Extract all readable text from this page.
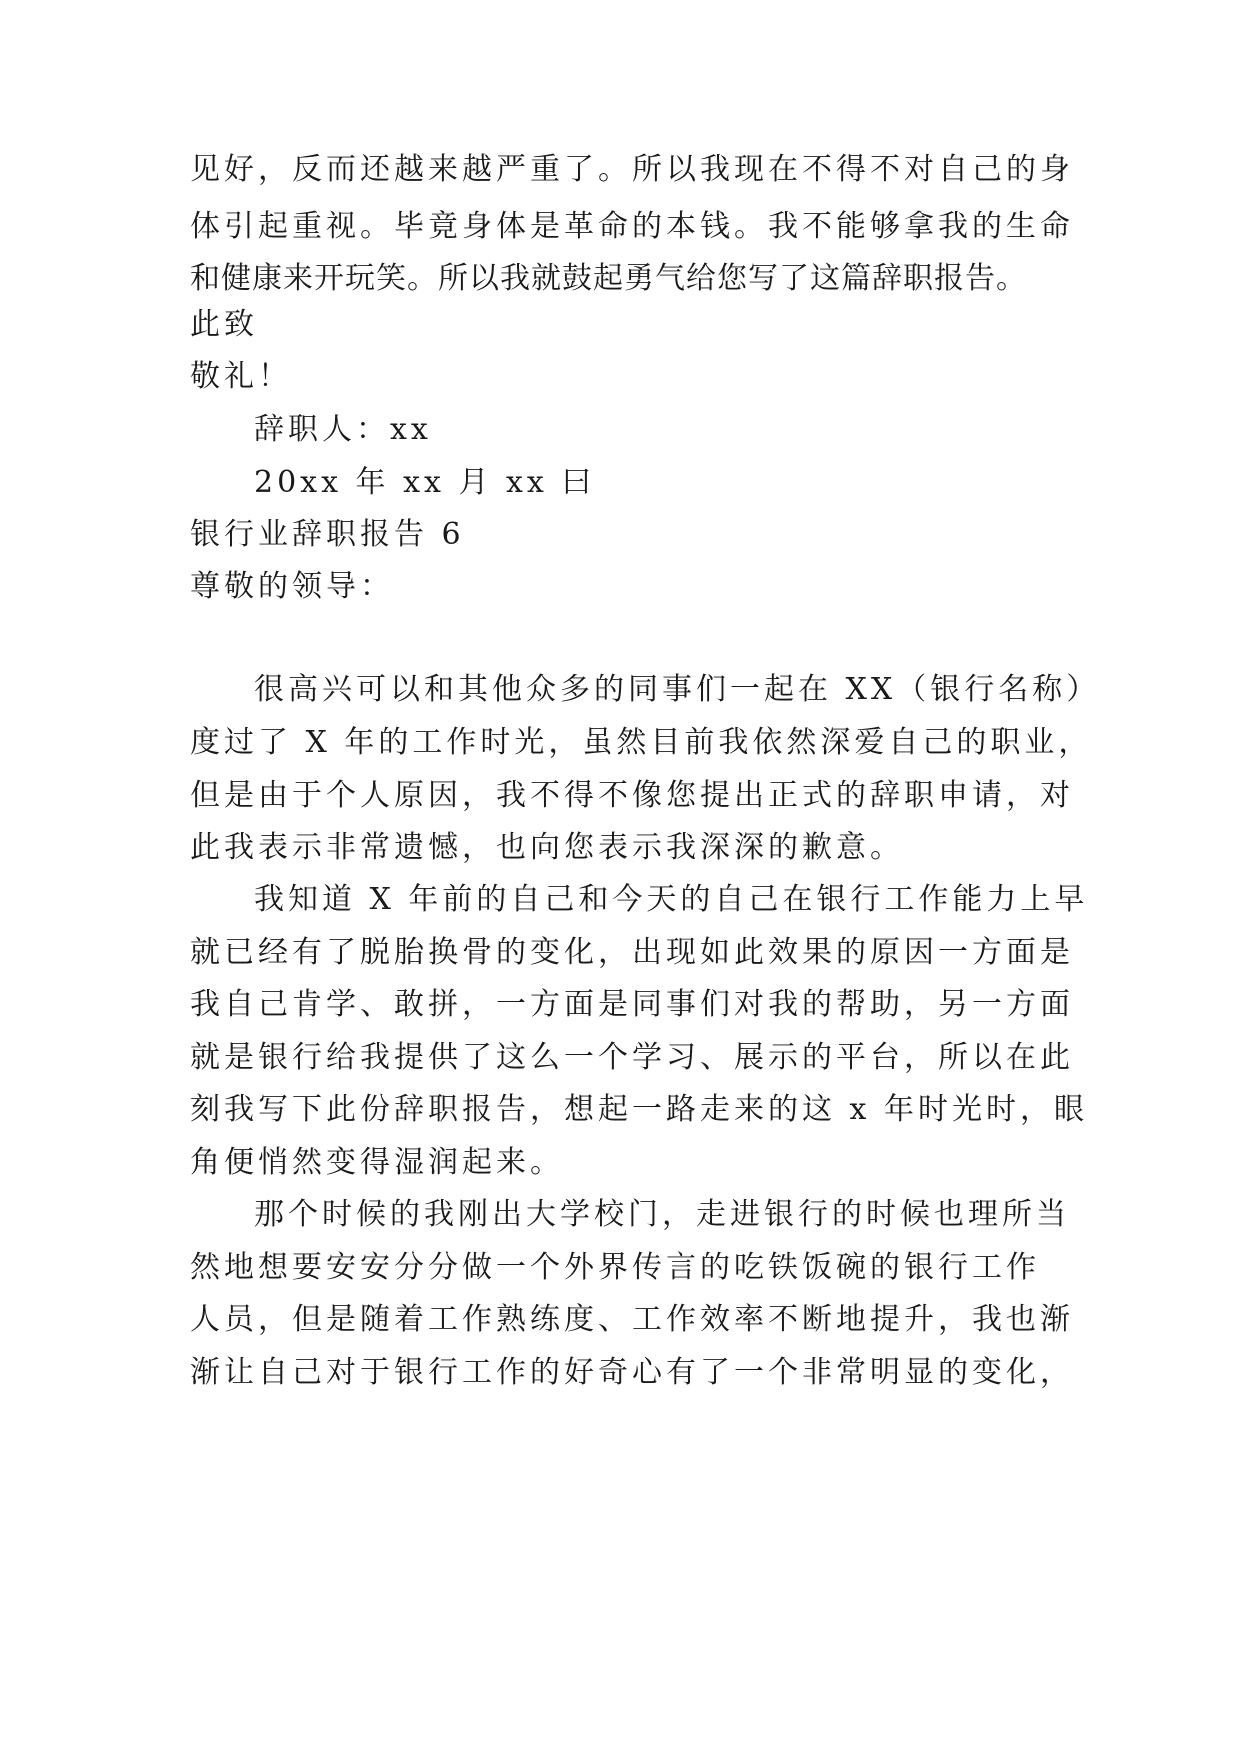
见好，反而还越来越严重了。所以我现在不得不对自己的身
体引起重视。毕竟身体是革命的本钱。我不能够拿我的生命
和健康来开玩笑。所以我就鼓起勇气给您写了这篇辞职报告。
此致
敬礼！
辞职人：xx
20xx 年 xx 月 xx 曰
银行业辞职报告 6
尊敬的领导：
很高兴可以和其他众多的同事们一起在 XX（银行名称）
度过了 X 年的工作时光，虽然目前我依然深爱自己的职业，
但是由于个人原因，我不得不像您提出正式的辞职申请，对
此我表示非常遗憾，也向您表示我深深的歉意。
我知道 X 年前的自己和今天的自己在银行工作能力上早
就已经有了脱胎换骨的变化，出现如此效果的原因一方面是
我自己肯学、敢拼，一方面是同事们对我的帮助，另一方面
就是银行给我提供了这么一个学习、展示的平台，所以在此
刻我写下此份辞职报告，想起一路走来的这 x 年时光时，眼
角便悄然变得湿润起来。
那个时候的我刚出大学校门，走进银行的时候也理所当
然地想要安安分分做一个外界传言的吃铁饭碗的银行工作
人员，但是随着工作熟练度、工作效率不断地提升，我也渐
渐让自己对于银行工作的好奇心有了一个非常明显的变化，
